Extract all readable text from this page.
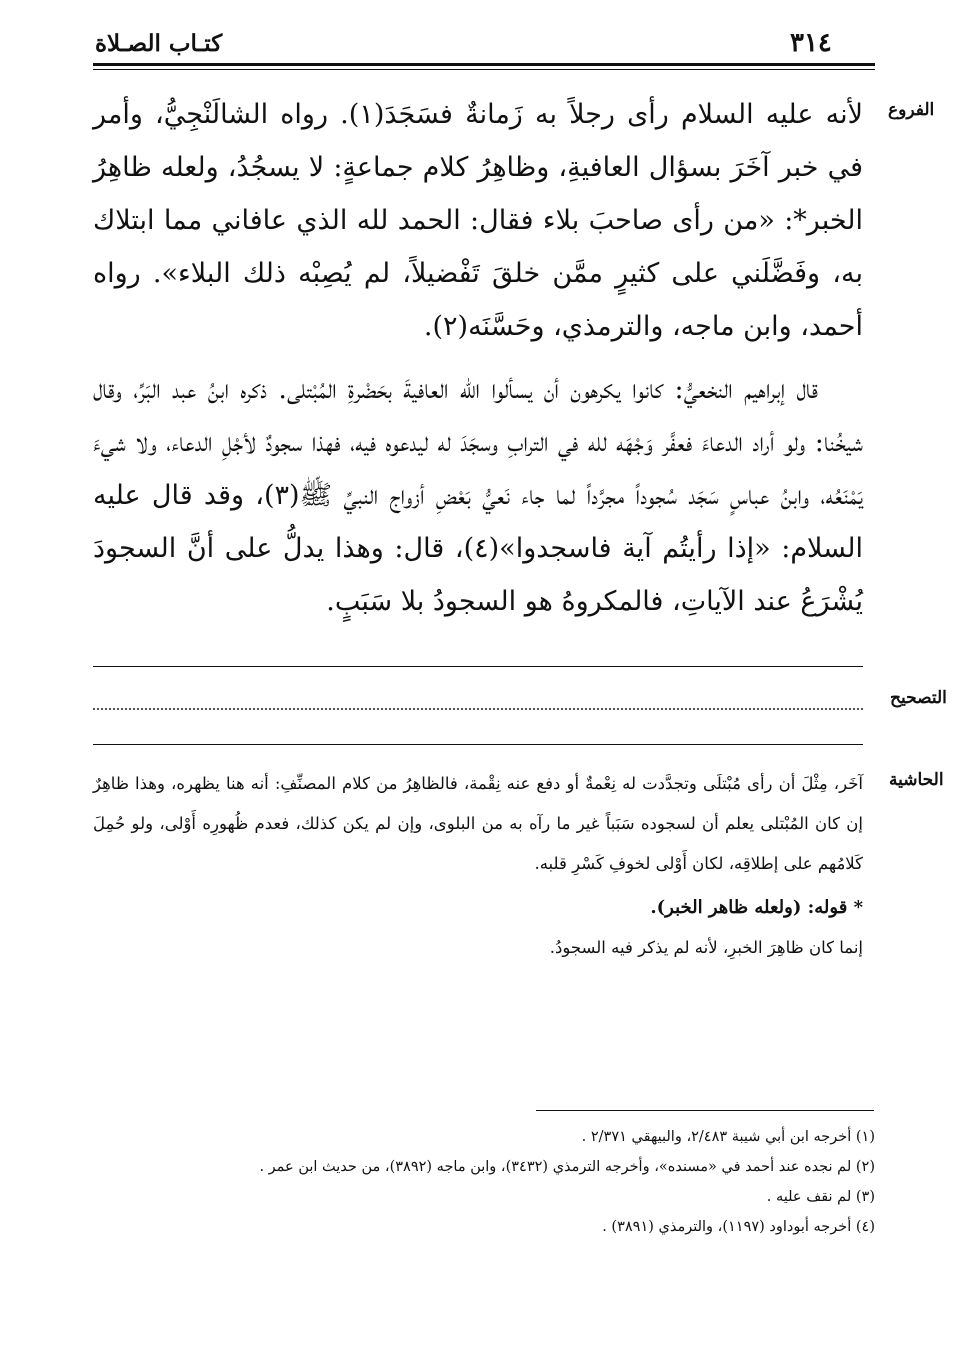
٣١٤
كتـاب الصـلاة
الفروع
التصحيح
الحاشية

لأنه عليه السلام رأى رجلاً به زَمانةٌ فسَجَدَ(١). رواه الشالَنْجِيُّ، وأمر في خبر آخَرَ بسؤال العافيةِ، وظاهِرُ كلام جماعةٍ: لا يسجُدُ، ولعله ظاهِرُ الخبر*: «من رأى صاحبَ بلاء فقال: الحمد لله الذي عافاني مما ابتلاك به، وفَضَّلَني على كثيرٍ ممَّن خلقَ تَفْضيلاً، لم يُصِبْه ذلك البلاء». رواه أحمد، وابن ماجه، والترمذي، وحَسَّنَه(٢).

قال إبراهيم النخعيُّ: كانوا يكرهون أن يسألوا الله العافيةَ بحَضْرةِ المُبْتلى. ذكره ابنُ عبد البَرِّ، وقال شيخُنا: ولو أراد الدعاءَ فعفَّر وَجْهَه لله في الترابِ وسجَدَ له ليدعوه فيه، فهذا سجودٌ لأجْلِ الدعاء، ولا شيءَ يَمْنَعُه، وابنُ عباسٍ سَجَد سُجوداً مجرَّداً لما جاء نَعيُّ بَعْضِ أزواج النبيِّ ﷺ(٣)، وقد قال عليه السلام: «إذا رأيتُم آية فاسجدوا»(٤)، قال: وهذا يدلُّ على أنَّ السجودَ يُشْرَعُ عند الآياتِ، فالمكروهُ هو السجودُ بلا سَبَبٍ.

آخَر، مِثْلَ أن رأى مُبْتلَى وتجدَّدت له نِعْمةٌ أو دفع عنه نِقْمة، فالظاهِرُ من كلام المصنِّفِ: أنه هنا يظهره، وهذا ظاهِرٌ إن كان المُبْتلى يعلم أن لسجوده سَبَباً غير ما رآه به من البلوى، وإن لم يكن كذلك، فعدم ظُهورِه أَوْلى، ولو حُمِلَ كَلامُهم على إطلاقِه، لكان أَوْلى لخوفِ كَسْرِ قلبه.

* قوله: (ولعله ظاهر الخبر).

إنما كان ظاهِرَ الخبرِ، لأنه لم يذكر فيه السجودُ.

(١) أخرجه ابن أبي شيبة ٢/٤٨٣، والبيهقي ٢/٣٧١ .

(٢) لم نجده عند أحمد في «مسنده»، وأخرجه الترمذي (٣٤٣٢)، وابن ماجه (٣٨٩٢)، من حديث ابن عمر .

(٣) لم نقف عليه .

(٤) أخرجه أبوداود (١١٩٧)، والترمذي (٣٨٩١) .
